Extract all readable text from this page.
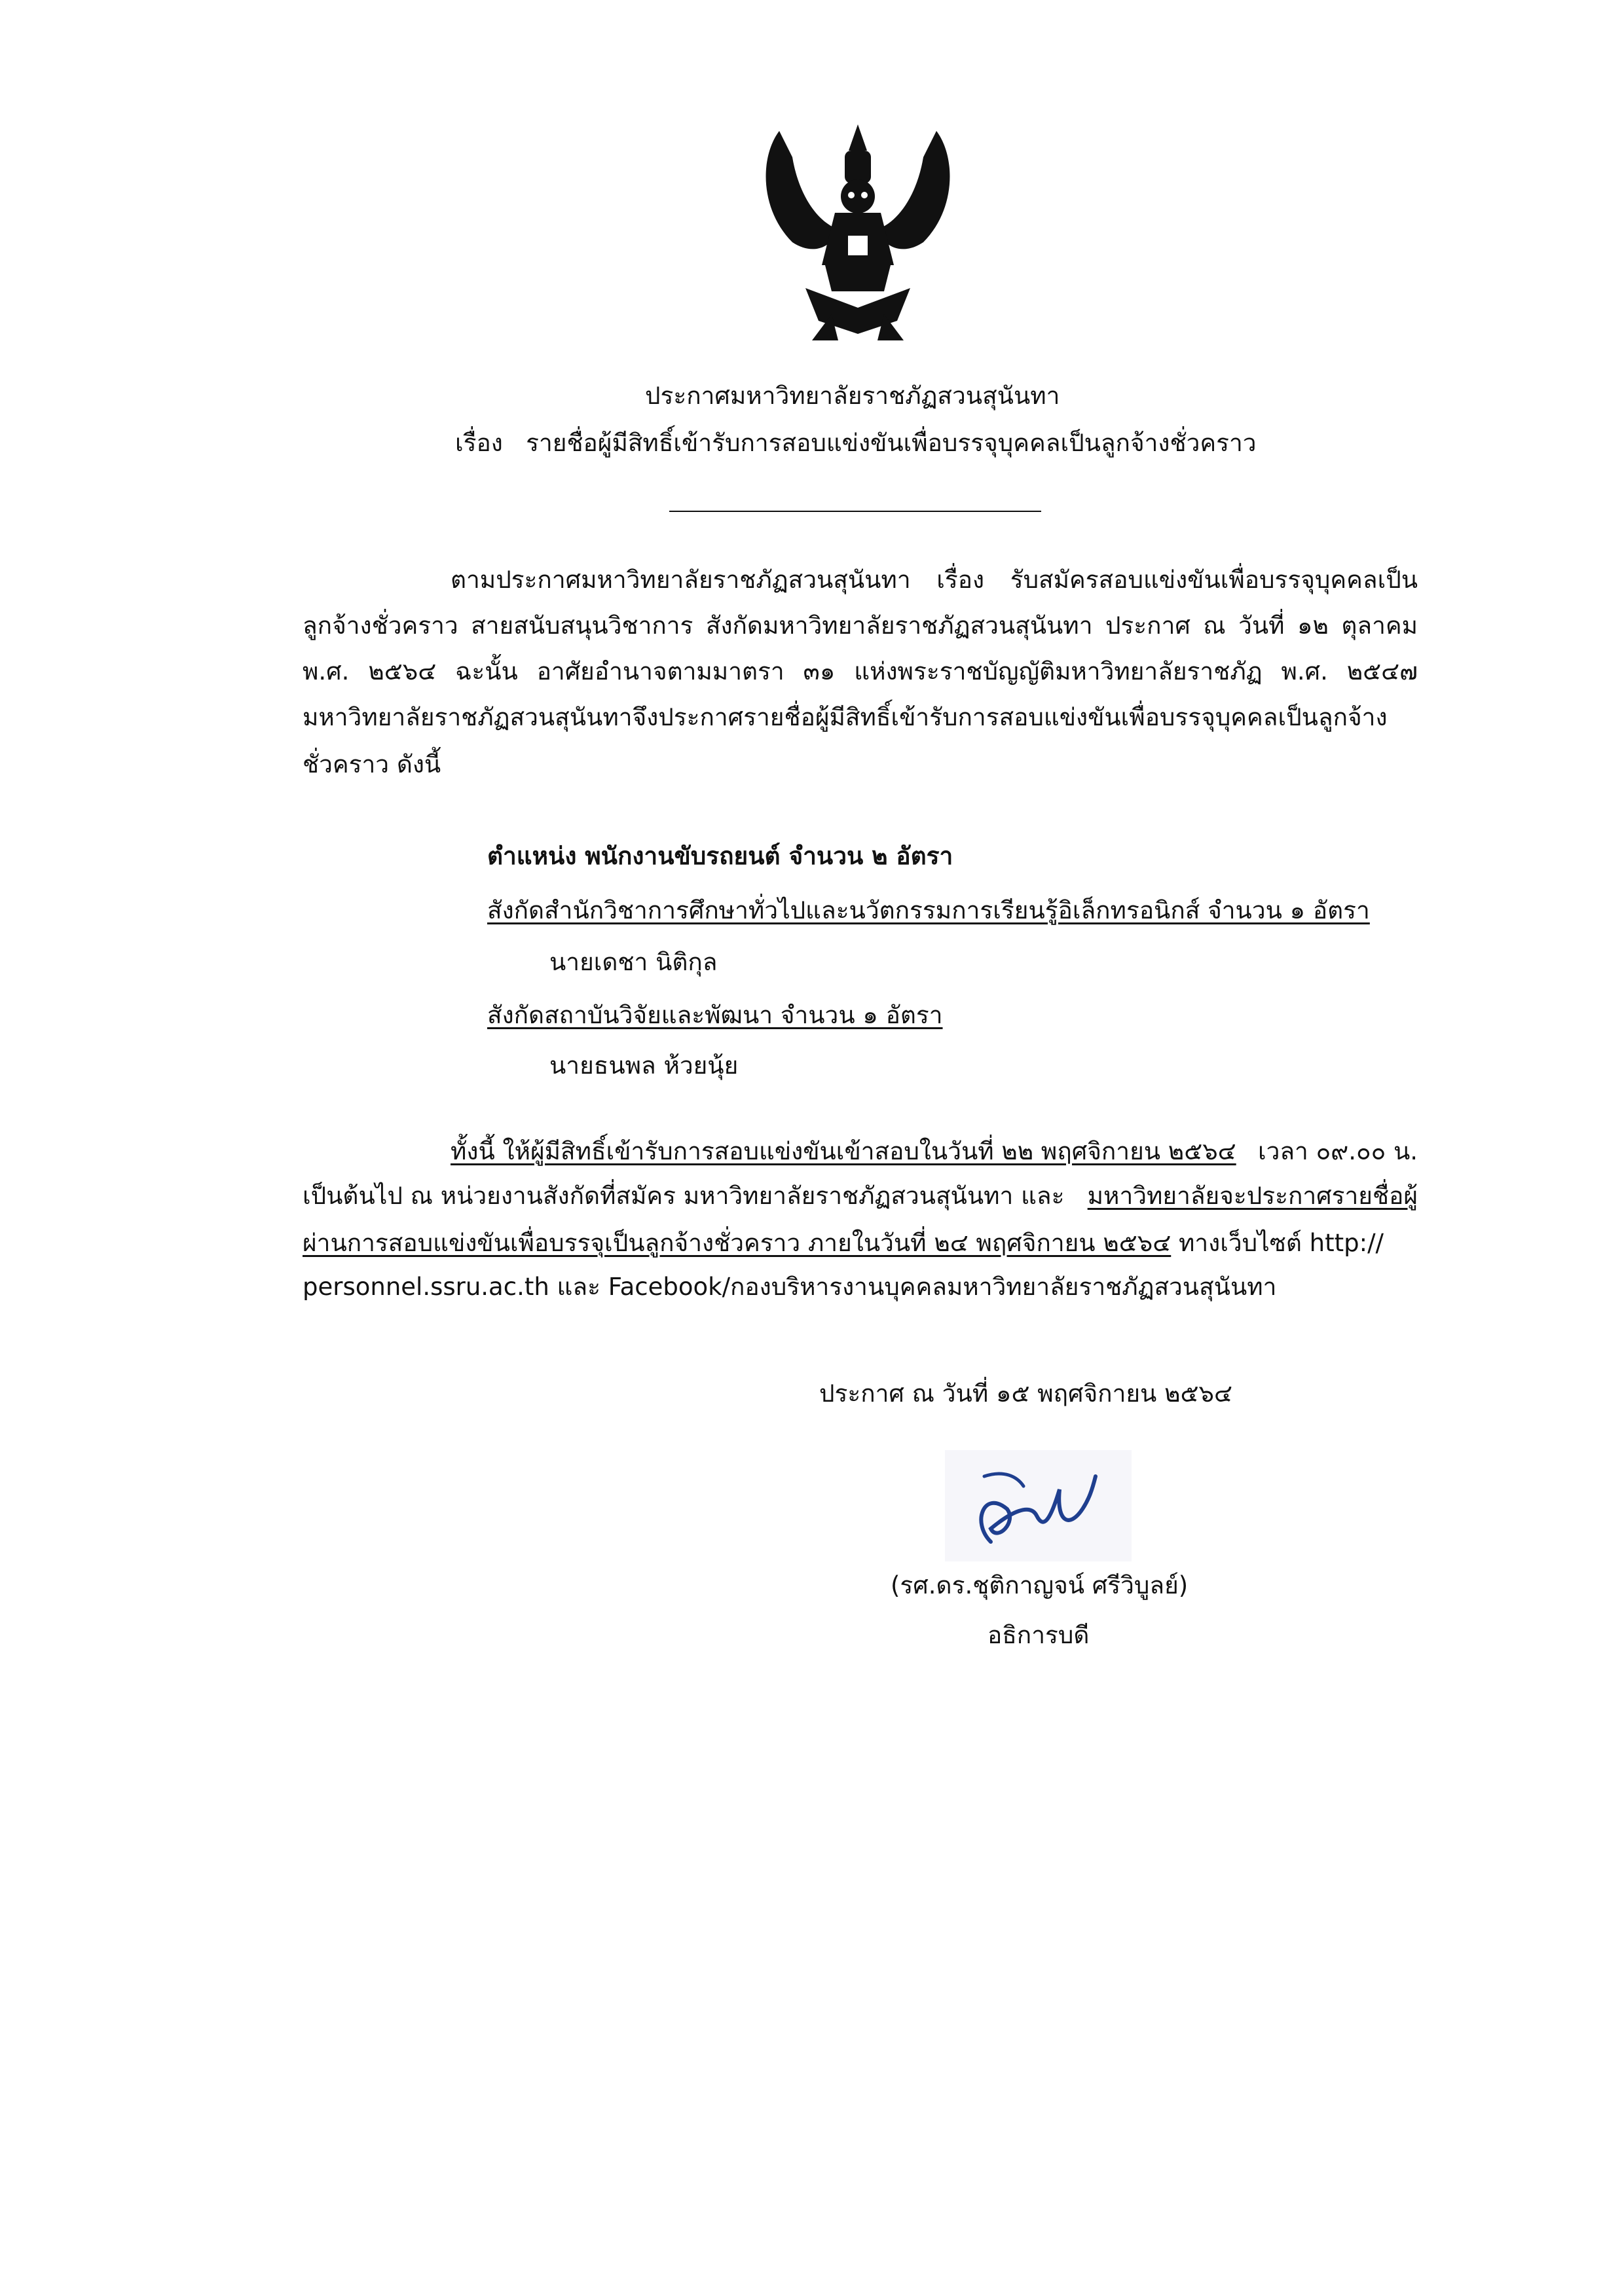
ประกาศมหาวิทยาลัยราชภัฏสวนสุนันทา
เรื่อง รายชื่อผู้มีสิทธิ์เข้ารับการสอบแข่งขันเพื่อบรรจุบุคคลเป็นลูกจ้างชั่วคราว
ตามประกาศมหาวิทยาลัยราชภัฏสวนสุนันทา เรื่อง รับสมัครสอบแข่งขันเพื่อบรรจุบุคคลเป็น
ลูกจ้างชั่วคราว สายสนับสนุนวิชาการ สังกัดมหาวิทยาลัยราชภัฏสวนสุนันทา ประกาศ ณ วันที่ ๑๒ ตุลาคม
พ.ศ. ๒๕๖๔ ฉะนั้น อาศัยอำนาจตามมาตรา ๓๑ แห่งพระราชบัญญัติมหาวิทยาลัยราชภัฏ พ.ศ. ๒๕๔๗
มหาวิทยาลัยราชภัฏสวนสุนันทาจึงประกาศรายชื่อผู้มีสิทธิ์เข้ารับการสอบแข่งขันเพื่อบรรจุบุคคลเป็นลูกจ้าง
ชั่วคราว ดังนี้
ตำแหน่ง พนักงานขับรถยนต์ จำนวน ๒ อัตรา
สังกัดสำนักวิชาการศึกษาทั่วไปและนวัตกรรมการเรียนรู้อิเล็กทรอนิกส์ จำนวน ๑ อัตรา
นายเดชา นิติกุล
สังกัดสถาบันวิจัยและพัฒนา จำนวน ๑ อัตรา
นายธนพล ห้วยนุ้ย
ทั้งนี้ ให้ผู้มีสิทธิ์เข้ารับการสอบแข่งขันเข้าสอบในวันที่ ๒๒ พฤศจิกายน ๒๕๖๔ เวลา ๐๙.๐๐ น.
เป็นต้นไป ณ หน่วยงานสังกัดที่สมัคร มหาวิทยาลัยราชภัฏสวนสุนันทา และ มหาวิทยาลัยจะประกาศรายชื่อผู้
ผ่านการสอบแข่งขันเพื่อบรรจุเป็นลูกจ้างชั่วคราว ภายในวันที่ ๒๔ พฤศจิกายน ๒๕๖๔ ทางเว็บไซต์ http://
personnel.ssru.ac.th และ Facebook/กองบริหารงานบุคคลมหาวิทยาลัยราชภัฏสวนสุนันทา
ประกาศ ณ วันที่ ๑๕ พฤศจิกายน ๒๕๖๔
(รศ.ดร.ชุติกาญจน์ ศรีวิบูลย์)
อธิการบดี
